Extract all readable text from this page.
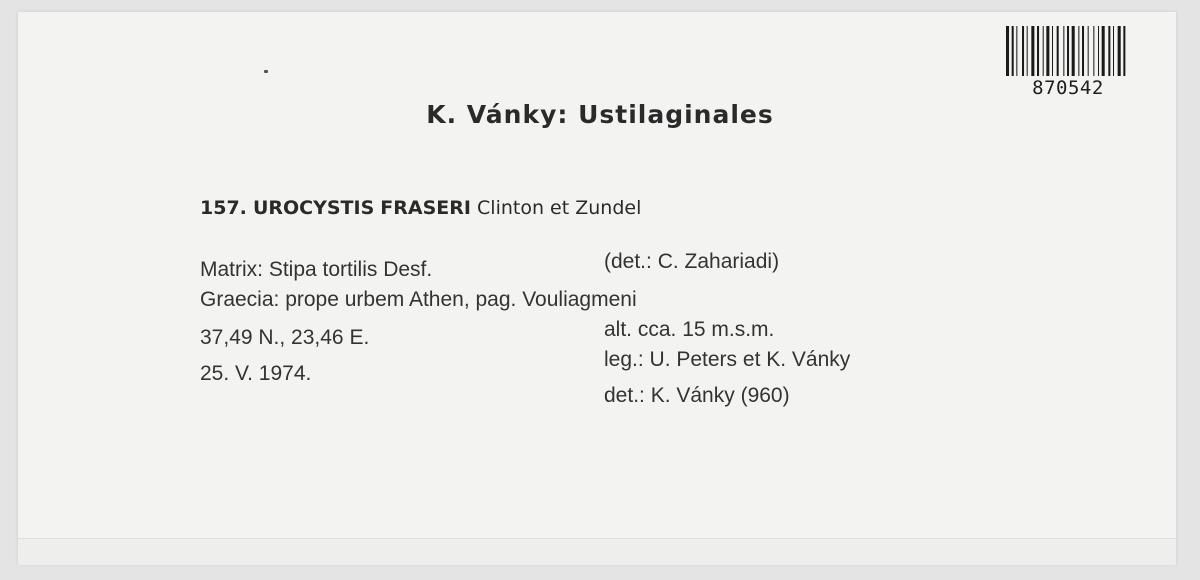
870542
K. Vánky: Ustilaginales
157. UROCYSTIS FRASERI Clinton et Zundel
Matrix: Stipa tortilis Desf.
Graecia: prope urbem Athen, pag. Vouliagmeni
37,49 N., 23,46 E.
25. V. 1974.
(det.: C. Zahariadi)
alt. cca. 15 m.s.m.
leg.: U. Peters et K. Vánky
det.: K. Vánky (960)
